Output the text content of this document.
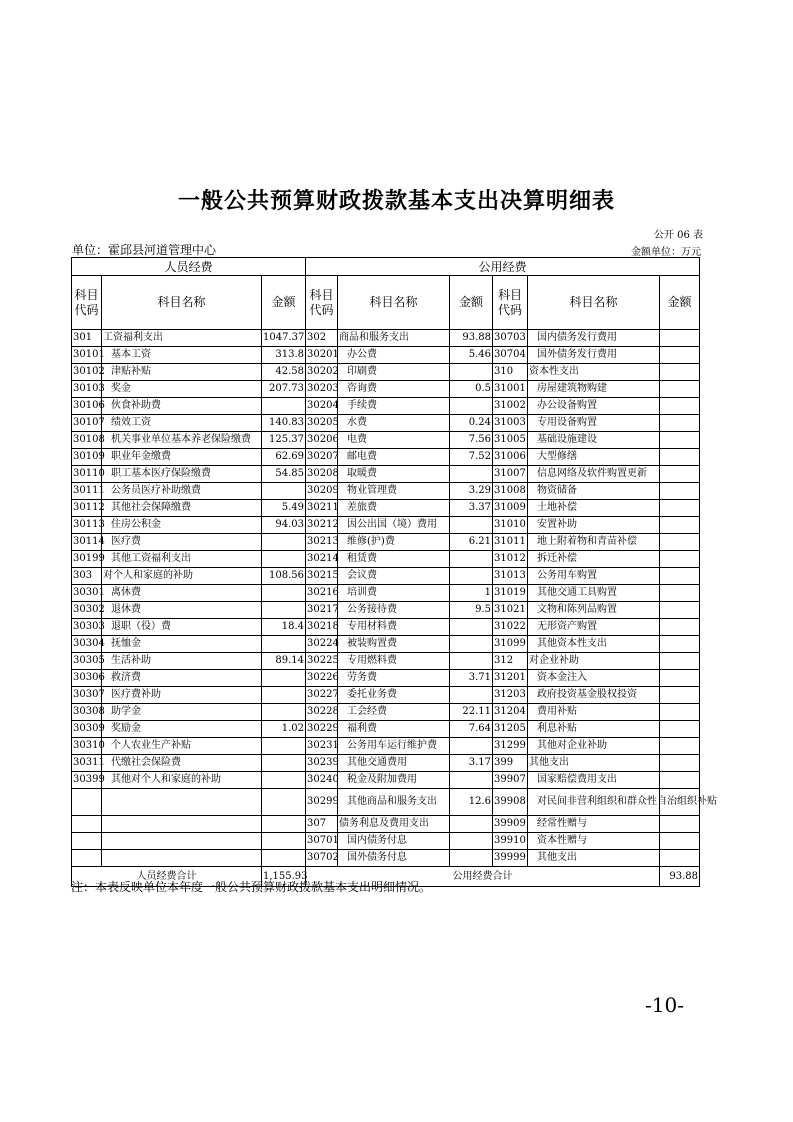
一般公共预算财政拨款基本支出决算明细表
公开 06 表
单位：霍邱县河道管理中心	金额单位：万元
人员经费			公用经费					
科目代码	科目名称	金额	科目代码	科目名称	金额	科目代码	科目名称	金额
301	工资福利支出	1047.37	302	商品和服务支出	93.88	30703	国内债务发行费用	
30101	基本工资	313.8	30201	办公费	5.46	30704	国外债务发行费用	
30102	津贴补贴	42.58	30202	印刷费		310	资本性支出	
30103	奖金	207.73	30203	咨询费	0.5	31001	房屋建筑物购建	
30106	伙食补助费		30204	手续费		31002	办公设备购置	
30107	绩效工资	140.83	30205	水费	0.24	31003	专用设备购置	
30108	机关事业单位基本养老保险缴费	125.37	30206	电费	7.56	31005	基础设施建设	
30109	职业年金缴费	62.69	30207	邮电费	7.52	31006	大型修缮	
30110	职工基本医疗保险缴费	54.85	30208	取暖费		31007	信息网络及软件购置更新	
30111	公务员医疗补助缴费		30209	物业管理费	3.29	31008	物资储备	
30112	其他社会保障缴费	5.49	30211	差旅费	3.37	31009	土地补偿	
30113	住房公积金	94.03	30212	因公出国（境）费用		31010	安置补助	
30114	医疗费		30213	维修(护)费	6.21	31011	地上附着物和青苗补偿	
30199	其他工资福利支出		30214	租赁费		31012	拆迁补偿	
303	对个人和家庭的补助	108.56	30215	会议费		31013	公务用车购置	
30301	离休费		30216	培训费	1	31019	其他交通工具购置	
30302	退休费		30217	公务接待费	9.5	31021	文物和陈列品购置	
30303	退职（役）费	18.4	30218	专用材料费		31022	无形资产购置	
30304	抚恤金		30224	被装购置费		31099	其他资本性支出	
30305	生活补助	89.14	30225	专用燃料费		312	对企业补助	
30306	救济费		30226	劳务费	3.71	31201	资本金注入	
30307	医疗费补助		30227	委托业务费		31203	政府投资基金股权投资	
30308	助学金		30228	工会经费	22.11	31204	费用补贴	
30309	奖励金	1.02	30229	福利费	7.64	31205	利息补贴	
30310	个人农业生产补贴		30231	公务用车运行维护费		31299	其他对企业补助	
30311	代缴社会保险费		30239	其他交通费用	3.17	399	其他支出	
30399	其他对个人和家庭的补助		30240	税金及附加费用		39907	国家赔偿费用支出	
			30299	其他商品和服务支出	12.6	39908	对民间非营利组织和群众性自治组织补贴	
			307	债务利息及费用支出		39909	经常性赠与	
			30701	国内债务付息		39910	资本性赠与	
			30702	国外债务付息		39999	其他支出	
人员经费合计		1,155.93	公用经费合计					93.88
注：本表反映单位本年度一般公共预算财政拨款基本支出明细情况。
-10-
